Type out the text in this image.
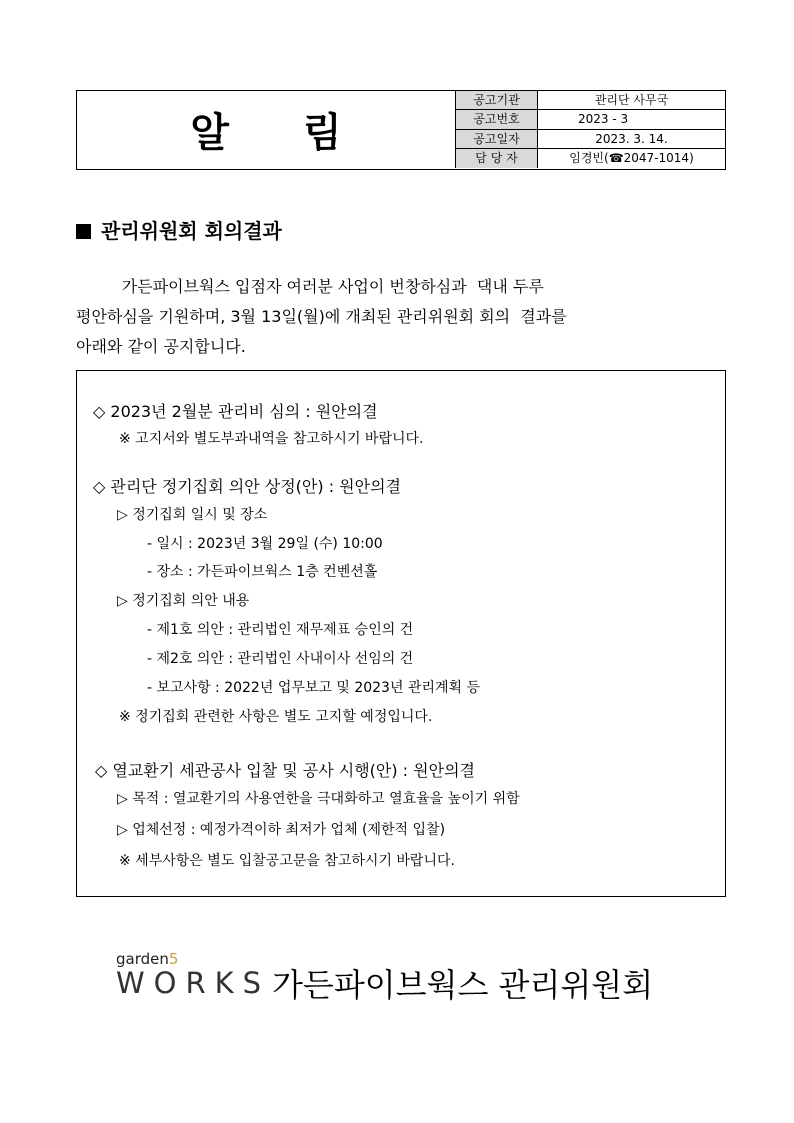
알 림
공고기관	관리단 사무국
공고번호	2023 - 3
공고일자	2023. 3. 14.
담 당 자	임경빈(☎2047-1014)
관리위원회 회의결과

가든파이브웍스 입점자 여러분 사업이 번창하심과  댁내 두루

평안하심을 기원하며, 3월 13일(월)에 개최된 관리위원회 회의  결과를

아래와 같이 공지합니다.

◇ 2023년 2월분 관리비 심의 : 원안의결
※ 고지서와 별도부과내역을 참고하시기 바랍니다.
◇ 관리단 정기집회 의안 상정(안) : 원안의결
▷ 정기집회 일시 및 장소
- 일시 : 2023년 3월 29일 (수) 10:00
- 장소 : 가든파이브웍스 1층 컨벤션홀
▷ 정기집회 의안 내용
- 제1호 의안 : 관리법인 재무제표 승인의 건
- 제2호 의안 : 관리법인 사내이사 선임의 건
- 보고사항 : 2022년 업무보고 및 2023년 관리계획 등
※ 정기집회 관련한 사항은 별도 고지할 예정입니다.
◇ 열교환기 세관공사 입찰 및 공사 시행(안) : 원안의결
▷ 목적 : 열교환기의 사용연한을 극대화하고 열효율을 높이기 위함
▷ 업체선정 : 예정가격이하 최저가 업체 (제한적 입찰)
※ 세부사항은 별도 입찰공고문을 참고하시기 바랍니다.
garden5
WORKS 가든파이브웍스 관리위원회
